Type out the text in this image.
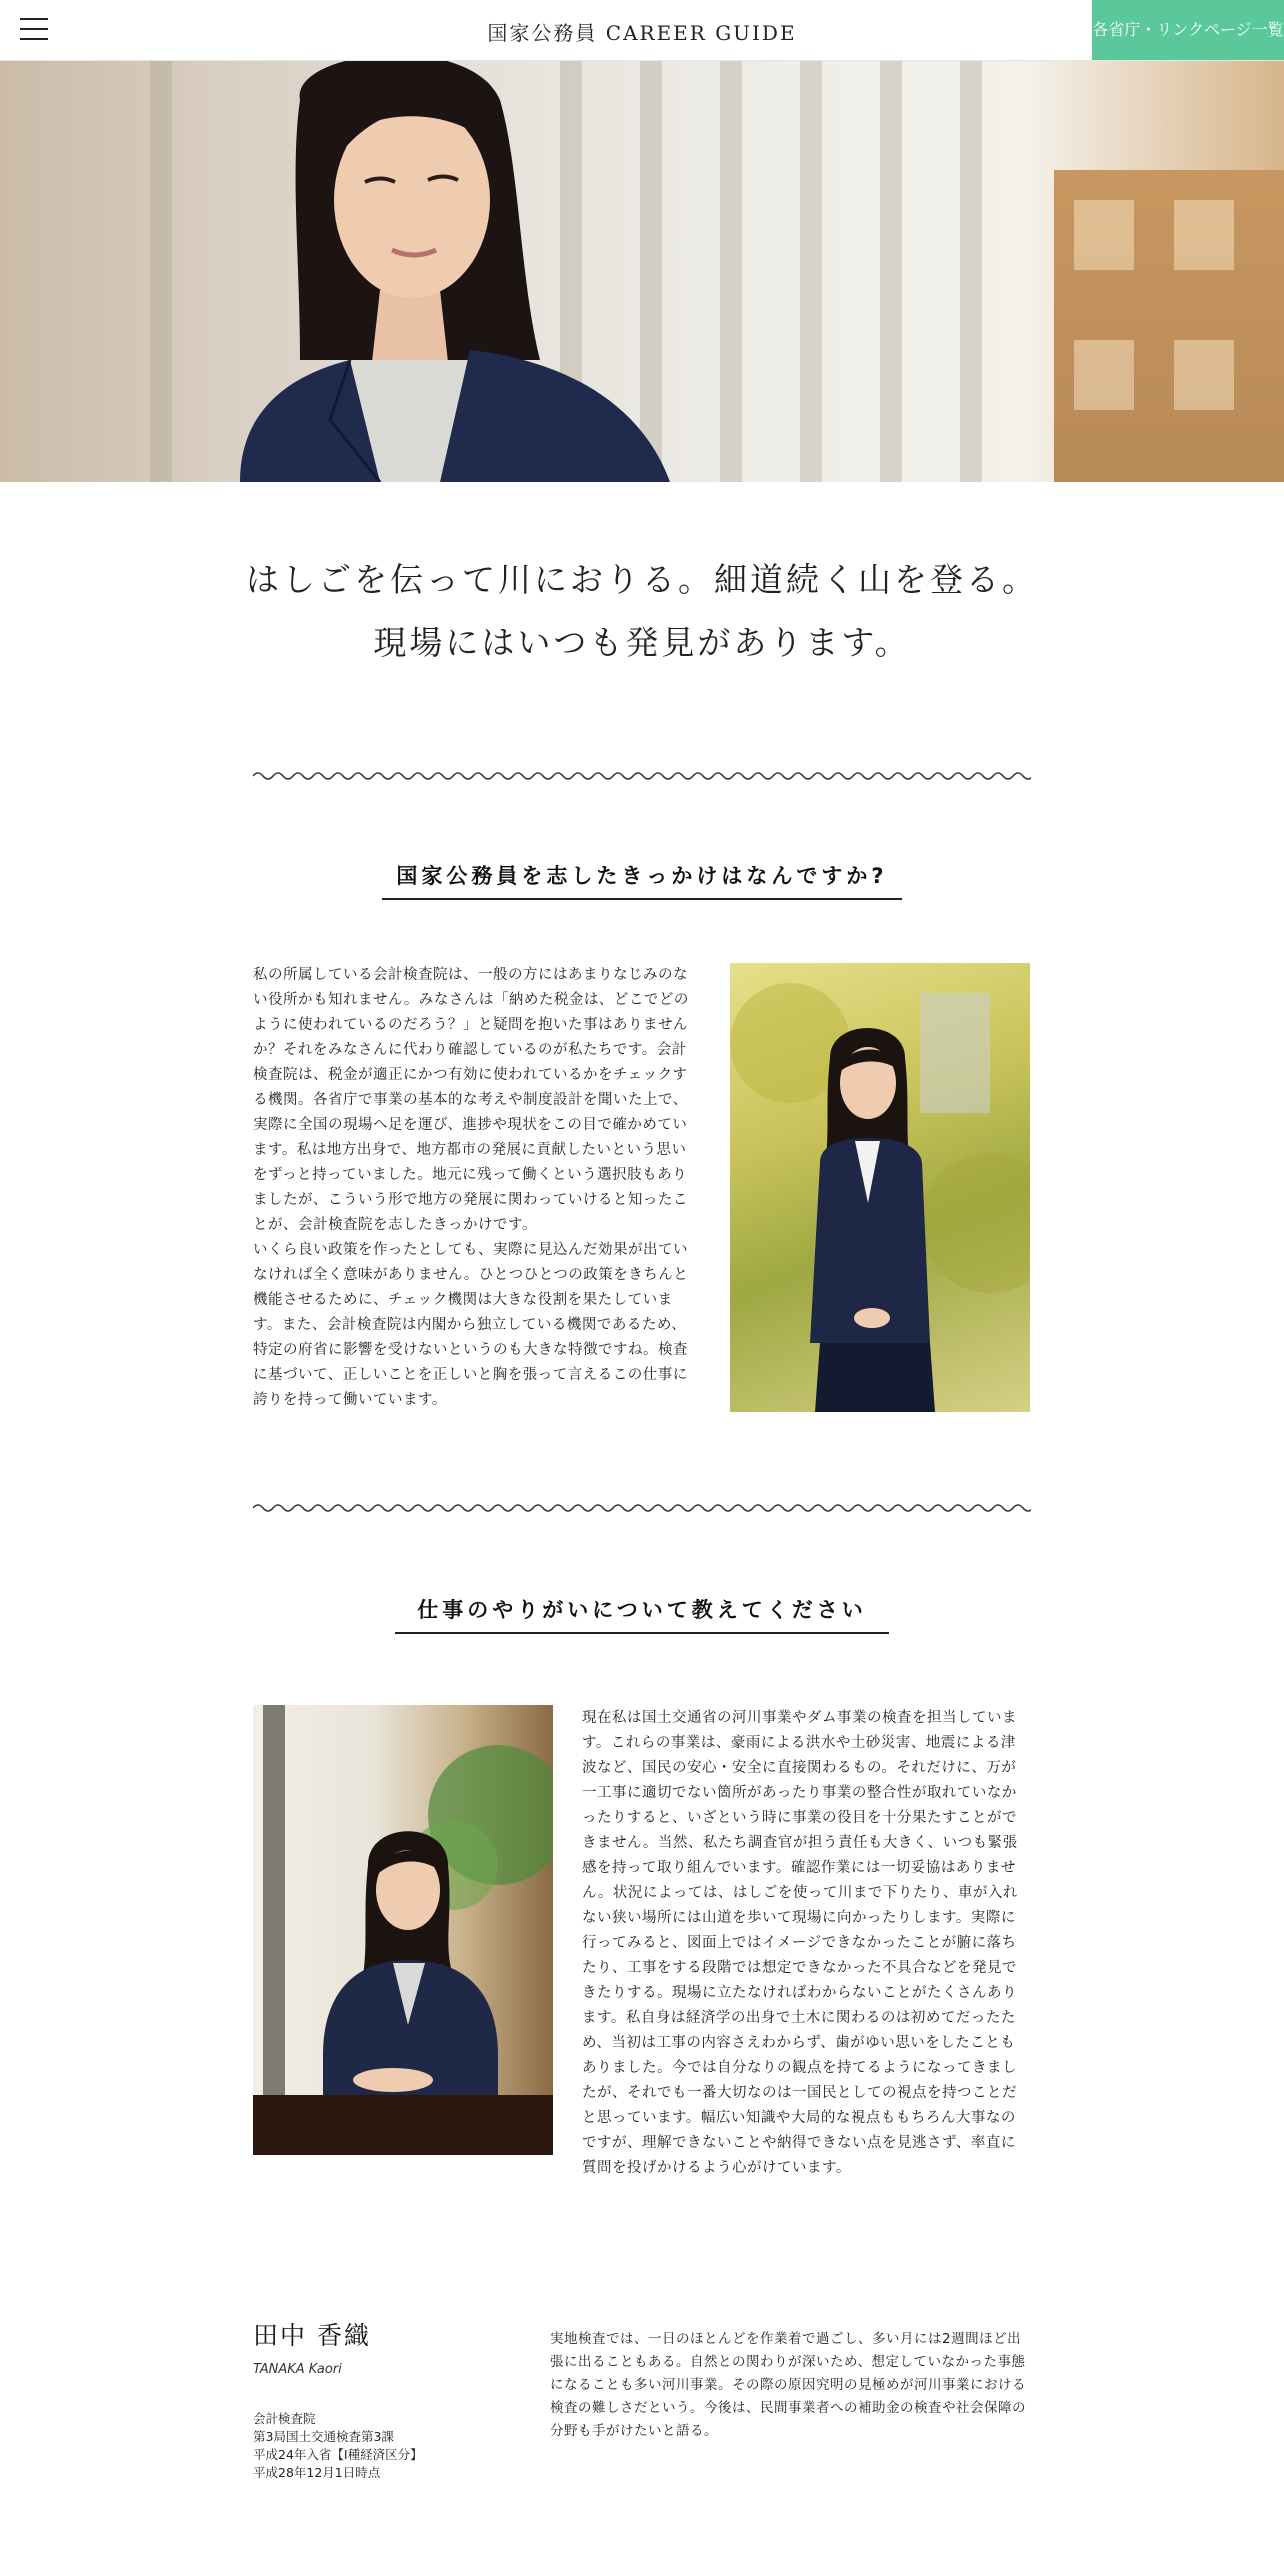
国家公務員 CAREER GUIDE	各省庁・リンクページ一覧
はしごを伝って川におりる。細道続く山を登る。
現場にはいつも発見があります。
国家公務員を志したきっかけはなんですか?
私の所属している会計検査院は、一般の方にはあまりなじみのない役所かも知れません。みなさんは「納めた税金は、どこでどのように使われているのだろう？」と疑問を抱いた事はありませんか？それをみなさんに代わり確認しているのが私たちです。会計検査院は、税金が適正にかつ有効に使われているかをチェックする機関。各省庁で事業の基本的な考えや制度設計を聞いた上で、実際に全国の現場へ足を運び、進捗や現状をこの目で確かめています。私は地方出身で、地方都市の発展に貢献したいという思いをずっと持っていました。地元に残って働くという選択肢もありましたが、こういう形で地方の発展に関わっていけると知ったことが、会計検査院を志したきっかけです。
いくら良い政策を作ったとしても、実際に見込んだ効果が出ていなければ全く意味がありません。ひとつひとつの政策をきちんと機能させるために、チェック機関は大きな役割を果たしています。また、会計検査院は内閣から独立している機関であるため、特定の府省に影響を受けないというのも大きな特徴ですね。検査に基づいて、正しいことを正しいと胸を張って言えるこの仕事に誇りを持って働いています。
仕事のやりがいについて教えてください
現在私は国土交通省の河川事業やダム事業の検査を担当しています。これらの事業は、豪雨による洪水や土砂災害、地震による津波など、国民の安心・安全に直接関わるもの。それだけに、万が一工事に適切でない箇所があったり事業の整合性が取れていなかったりすると、いざという時に事業の役目を十分果たすことができません。当然、私たち調査官が担う責任も大きく、いつも緊張感を持って取り組んでいます。確認作業には一切妥協はありません。状況によっては、はしごを使って川まで下りたり、車が入れない狭い場所には山道を歩いて現場に向かったりします。実際に行ってみると、図面上ではイメージできなかったことが腑に落ちたり、工事をする段階では想定できなかった不具合などを発見できたりする。現場に立たなければわからないことがたくさんあります。私自身は経済学の出身で土木に関わるのは初めてだったため、当初は工事の内容さえわからず、歯がゆい思いをしたこともありました。今では自分なりの観点を持てるようになってきましたが、それでも一番大切なのは一国民としての視点を持つことだと思っています。幅広い知識や大局的な視点ももちろん大事なのですが、理解できないことや納得できない点を見逃さず、率直に質問を投げかけるよう心がけています。
田中 香織
TANAKA Kaori
会計検査院
第3局国土交通検査第3課
平成24年入省【Ⅰ種経済区分】
平成28年12月1日時点
実地検査では、一日のほとんどを作業着で過ごし、多い月には2週間ほど出張に出ることもある。自然との関わりが深いため、想定していなかった事態になることも多い河川事業。その際の原因究明の見極めが河川事業における検査の難しさだという。今後は、民間事業者への補助金の検査や社会保障の分野も手がけたいと語る。
